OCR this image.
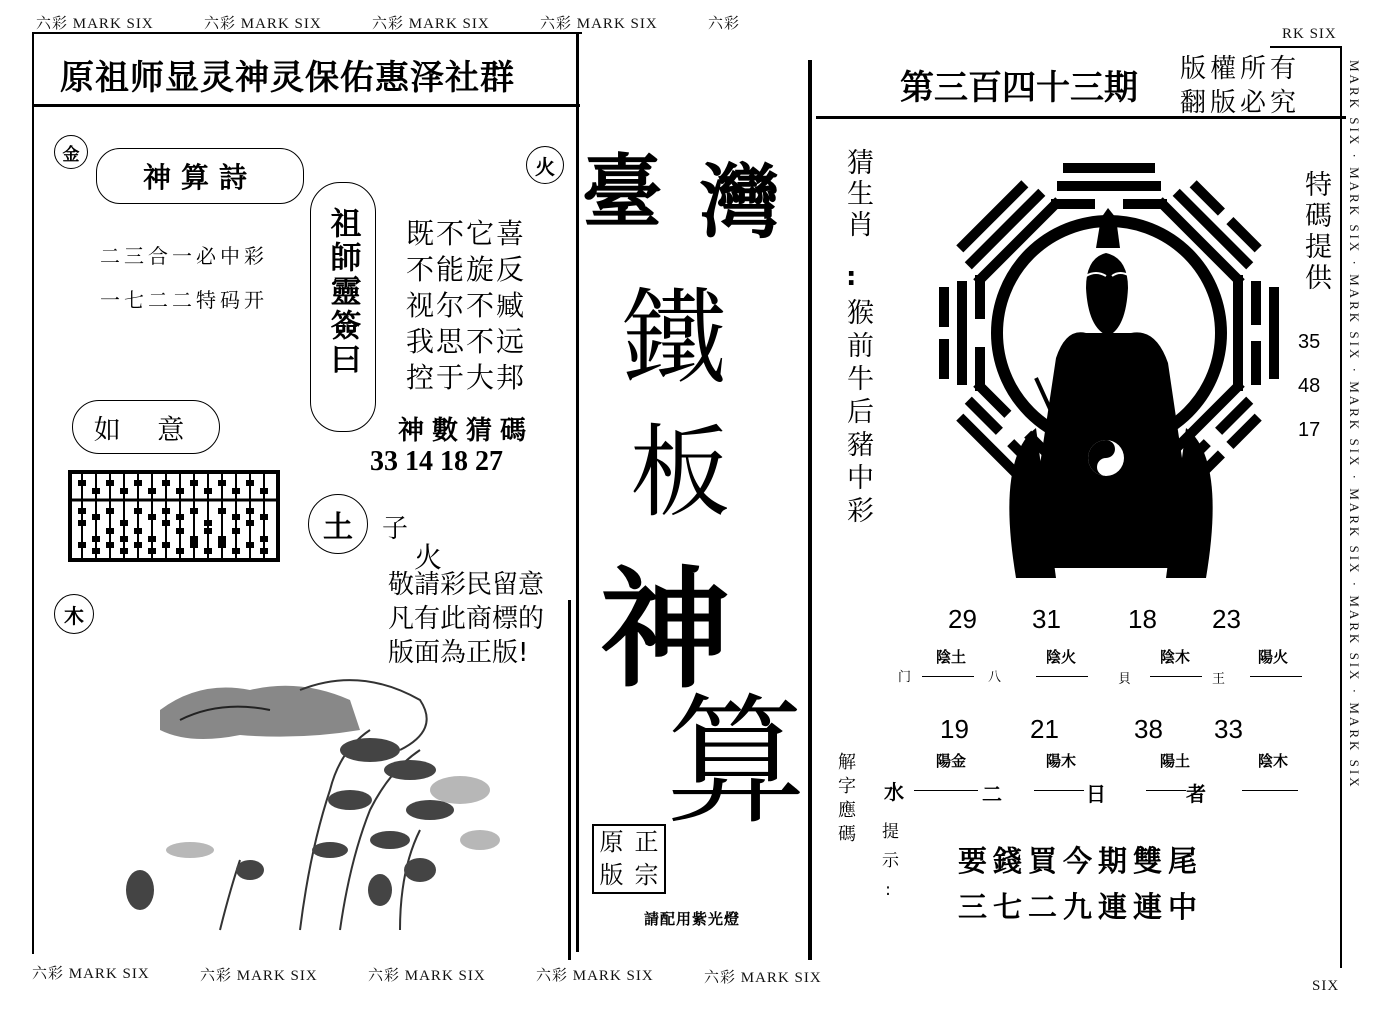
六彩 MARK SIX	六彩 MARK SIX	六彩 MARK SIX	六彩 MARK SIX	六彩
RK SIX
六彩 MARK SIX	六彩 MARK SIX	六彩 MARK SIX	六彩 MARK SIX	六彩 MARK SIX	SIX
MARK SIX · MARK SIX · MARK SIX · MARK SIX · MARK SIX · MARK SIX · MARK SIX
原祖师显灵神灵保佑惠泽社群
金	火
神算詩
二三合一必中彩
一七二二特码开 祖師靈簽曰 既不它喜
不能旋反
视尔不臧
我思不远
控于大邦
神數猜碼
33 14 18 27
如 意
土 子
火
敬請彩民留意
凡有此商標的
版面為正版!
木
臺 灣
鐵
板
神
算
原 正
版 宗
請配用紫光燈
第三百四十三期 版權所有
翻版必究
猜生肖
:
猴前牛后豬中彩
特碼提供
35
48
17
29 31	18 23
陰土	陰火	陰木	陽火
门	八	貝	王
19 21	38 33
陽金	陽木	陽土	陰木
水	二	日	者
解字應碼
提示: 要錢買今期雙尾
三七二九連連中
